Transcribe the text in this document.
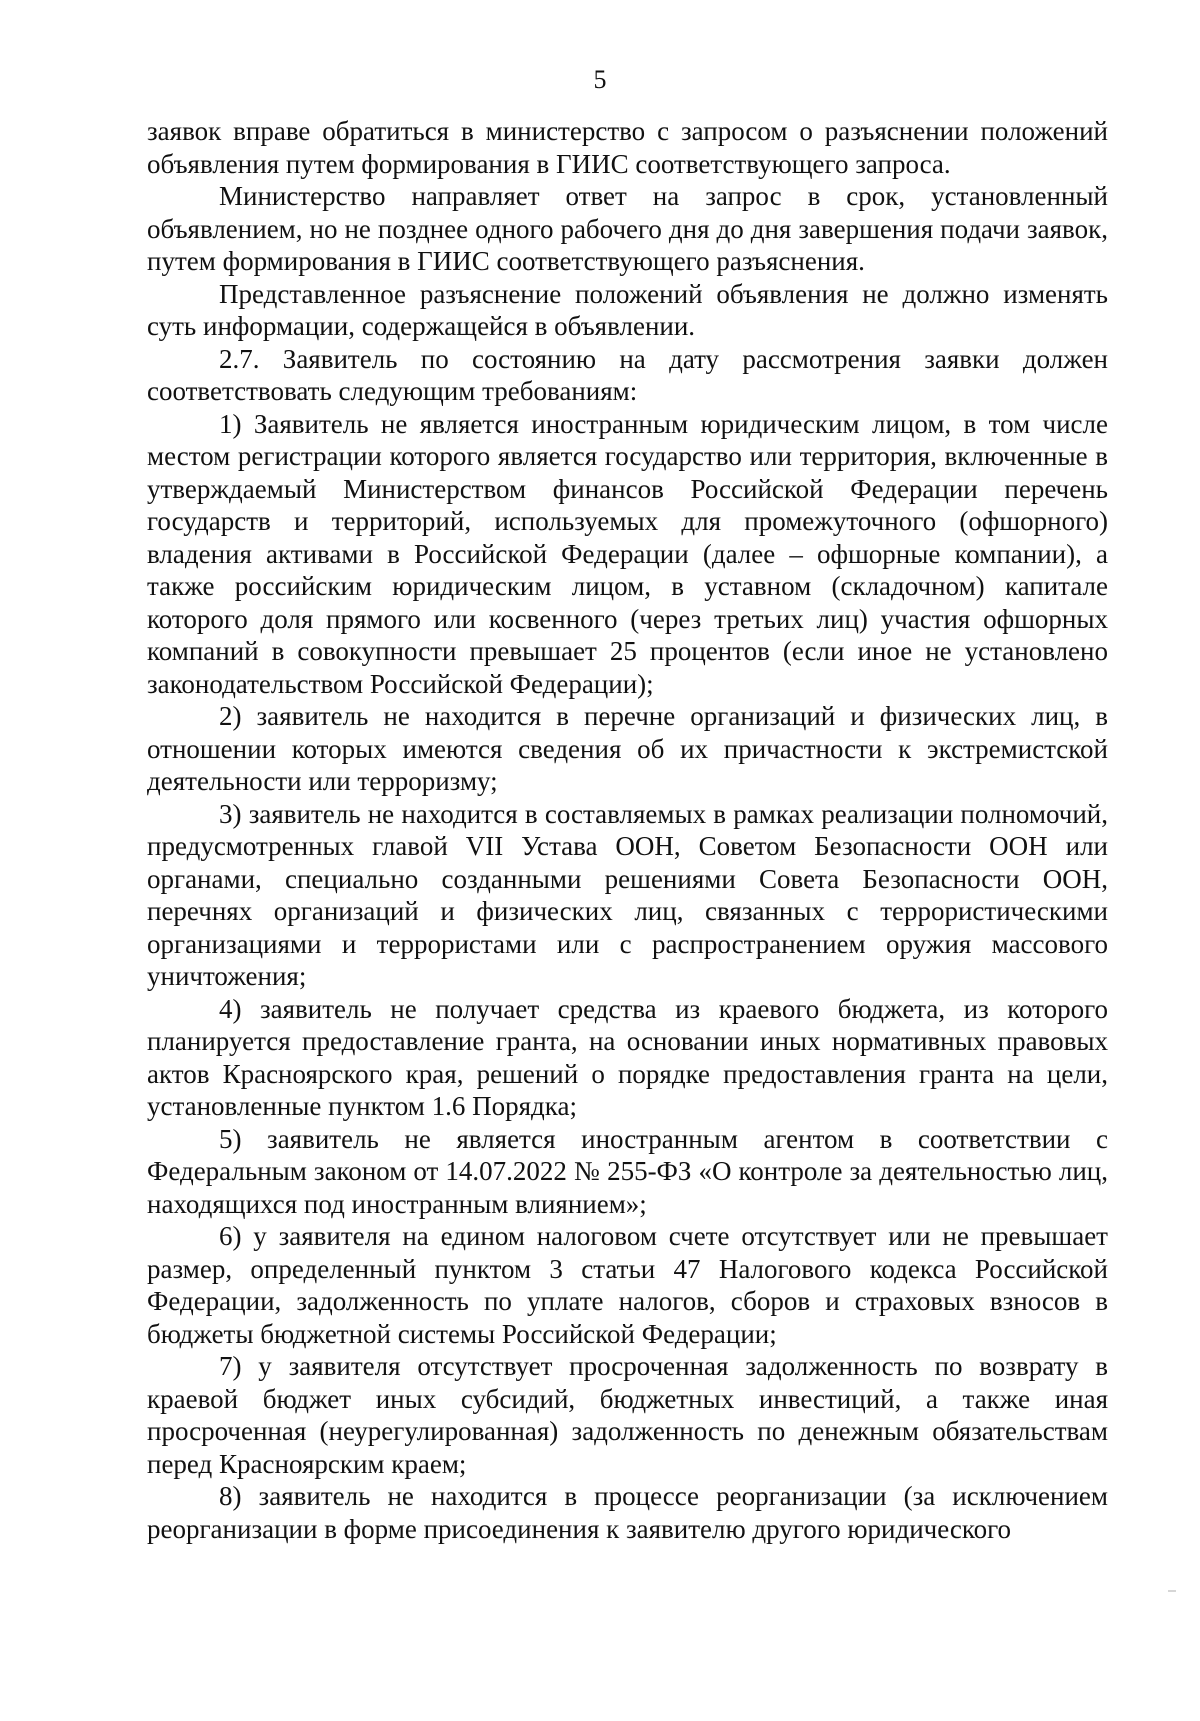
5

заявок вправе обратиться в министерство с запросом о разъяснении положений объявления путем формирования в ГИИС соответствующего запроса.

Министерство направляет ответ на запрос в срок, установленный объявлением, но не позднее одного рабочего дня до дня завершения подачи заявок, путем формирования в ГИИС соответствующего разъяснения.

Представленное разъяснение положений объявления не должно изменять суть информации, содержащейся в объявлении.

2.7. Заявитель по состоянию на дату рассмотрения заявки должен соответствовать следующим требованиям:

1) Заявитель не является иностранным юридическим лицом, в том числе местом регистрации которого является государство или территория, включенные в утверждаемый Министерством финансов Российской Федерации перечень государств и территорий, используемых для промежуточного (офшорного) владения активами в Российской Федерации (далее – офшорные компании), а также российским юридическим лицом, в уставном (складочном) капитале которого доля прямого или косвенного (через третьих лиц) участия офшорных компаний в совокупности превышает 25 процентов (если иное не установлено законодательством Российской Федерации);

2) заявитель не находится в перечне организаций и физических лиц, в отношении которых имеются сведения об их причастности к экстремистской деятельности или терроризму;

3) заявитель не находится в составляемых в рамках реализации полномочий, предусмотренных главой VII Устава ООН, Советом Безопасности ООН или органами, специально созданными решениями Совета Безопасности ООН, перечнях организаций и физических лиц, связанных с террористическими организациями и террористами или с распространением оружия массового уничтожения;

4) заявитель не получает средства из краевого бюджета, из которого планируется предоставление гранта, на основании иных нормативных правовых актов Красноярского края, решений о порядке предоставления гранта на цели, установленные пунктом 1.6 Порядка;

5) заявитель не является иностранным агентом в соответствии с Федеральным законом от 14.07.2022 № 255-ФЗ «О контроле за деятельностью лиц, находящихся под иностранным влиянием»;

6) у заявителя на едином налоговом счете отсутствует или не превышает размер, определенный пунктом 3 статьи 47 Налогового кодекса Российской Федерации, задолженность по уплате налогов, сборов и страховых взносов в бюджеты бюджетной системы Российской Федерации;

7) у заявителя отсутствует просроченная задолженность по возврату в краевой бюджет иных субсидий, бюджетных инвестиций, а также иная просроченная (неурегулированная) задолженность по денежным обязательствам перед Красноярским краем;

8) заявитель не находится в процессе реорганизации (за исключением реорганизации в форме присоединения к заявителю другого юридического
